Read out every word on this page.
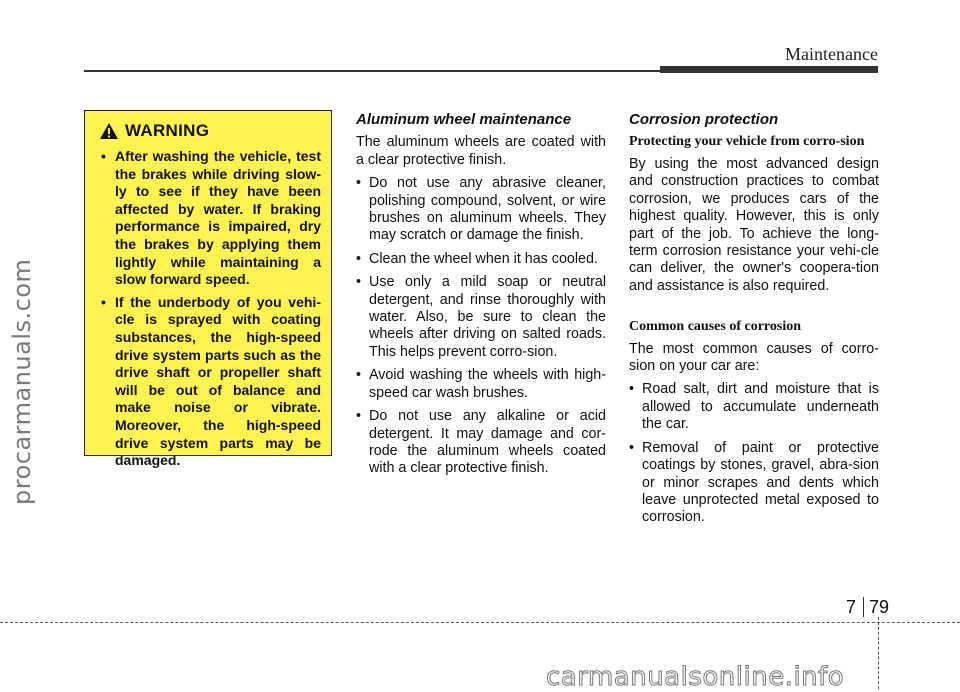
procarmanuals.com
Maintenance
WARNING
• After washing the vehicle, test the brakes while driving slow-ly to see if they have been affected by water. If braking performance is impaired, dry the brakes by applying them lightly while maintaining a slow forward speed.
• If the underbody of you vehi-cle is sprayed with coating substances, the high-speed drive system parts such as the drive shaft or propeller shaft will be out of balance and make noise or vibrate. Moreover, the high-speed drive system parts may be damaged.
Aluminum wheel maintenance

The aluminum wheels are coated with a clear protective finish.

• Do not use any abrasive cleaner, polishing compound, solvent, or wire brushes on aluminum wheels. They may scratch or damage the finish.
• Clean the wheel when it has cooled.
• Use only a mild soap or neutral detergent, and rinse thoroughly with water. Also, be sure to clean the wheels after driving on salted roads. This helps prevent corro-sion.
• Avoid washing the wheels with high-speed car wash brushes.
• Do not use any alkaline or acid detergent. It may damage and cor-rode the aluminum wheels coated with a clear protective finish.
Corrosion protection
Protecting your vehicle from corro-sion

By using the most advanced design and construction practices to combat corrosion, we produces cars of the highest quality. However, this is only part of the job. To achieve the long-term corrosion resistance your vehi-cle can deliver, the owner's coopera-tion and assistance is also required.

Common causes of corrosion

The most common causes of corro-sion on your car are:

• Road salt, dirt and moisture that is allowed to accumulate underneath the car.
• Removal of paint or protective coatings by stones, gravel, abra-sion or minor scrapes and dents which leave unprotected metal exposed to corrosion.
7 79
carmanualsonline.info
